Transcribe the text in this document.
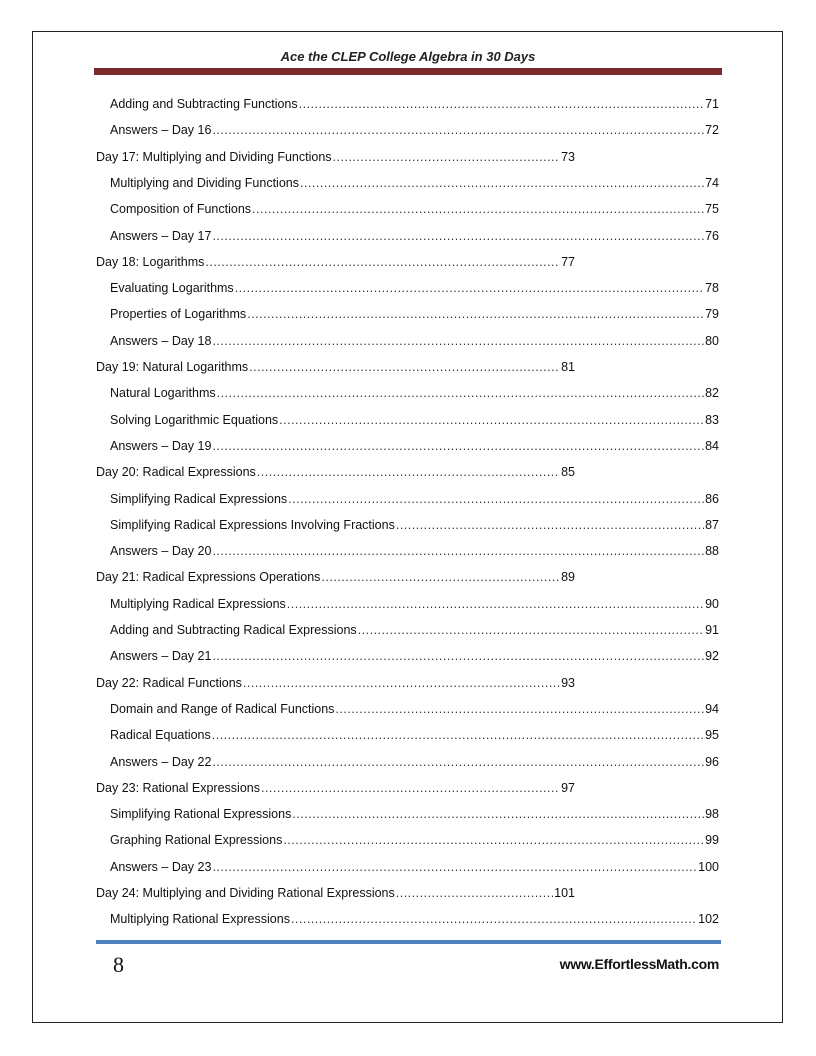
Ace the CLEP College Algebra in 30 Days
Adding and Subtracting Functions .....	71
Answers – Day 16 .....	72
Day 17: Multiplying and Dividing Functions .....	73
Multiplying and Dividing Functions .....	74
Composition of Functions .....	75
Answers – Day 17 .....	76
Day 18: Logarithms .....	77
Evaluating Logarithms .....	78
Properties of Logarithms .....	79
Answers – Day 18 .....	80
Day 19: Natural Logarithms .....	81
Natural Logarithms .....	82
Solving Logarithmic Equations .....	83
Answers – Day 19 .....	84
Day 20: Radical Expressions .....	85
Simplifying Radical Expressions .....	86
Simplifying Radical Expressions Involving Fractions .....	87
Answers – Day 20 .....	88
Day 21: Radical Expressions Operations .....	89
Multiplying Radical Expressions .....	90
Adding and Subtracting Radical Expressions .....	91
Answers – Day 21 .....	92
Day 22: Radical Functions .....	93
Domain and Range of Radical Functions .....	94
Radical Equations .....	95
Answers – Day 22 .....	96
Day 23: Rational Expressions .....	97
Simplifying Rational Expressions .....	98
Graphing Rational Expressions .....	99
Answers – Day 23 .....	100
Day 24: Multiplying and Dividing Rational Expressions .....	101
Multiplying Rational Expressions .....	102
8	www.EffortlessMath.com
